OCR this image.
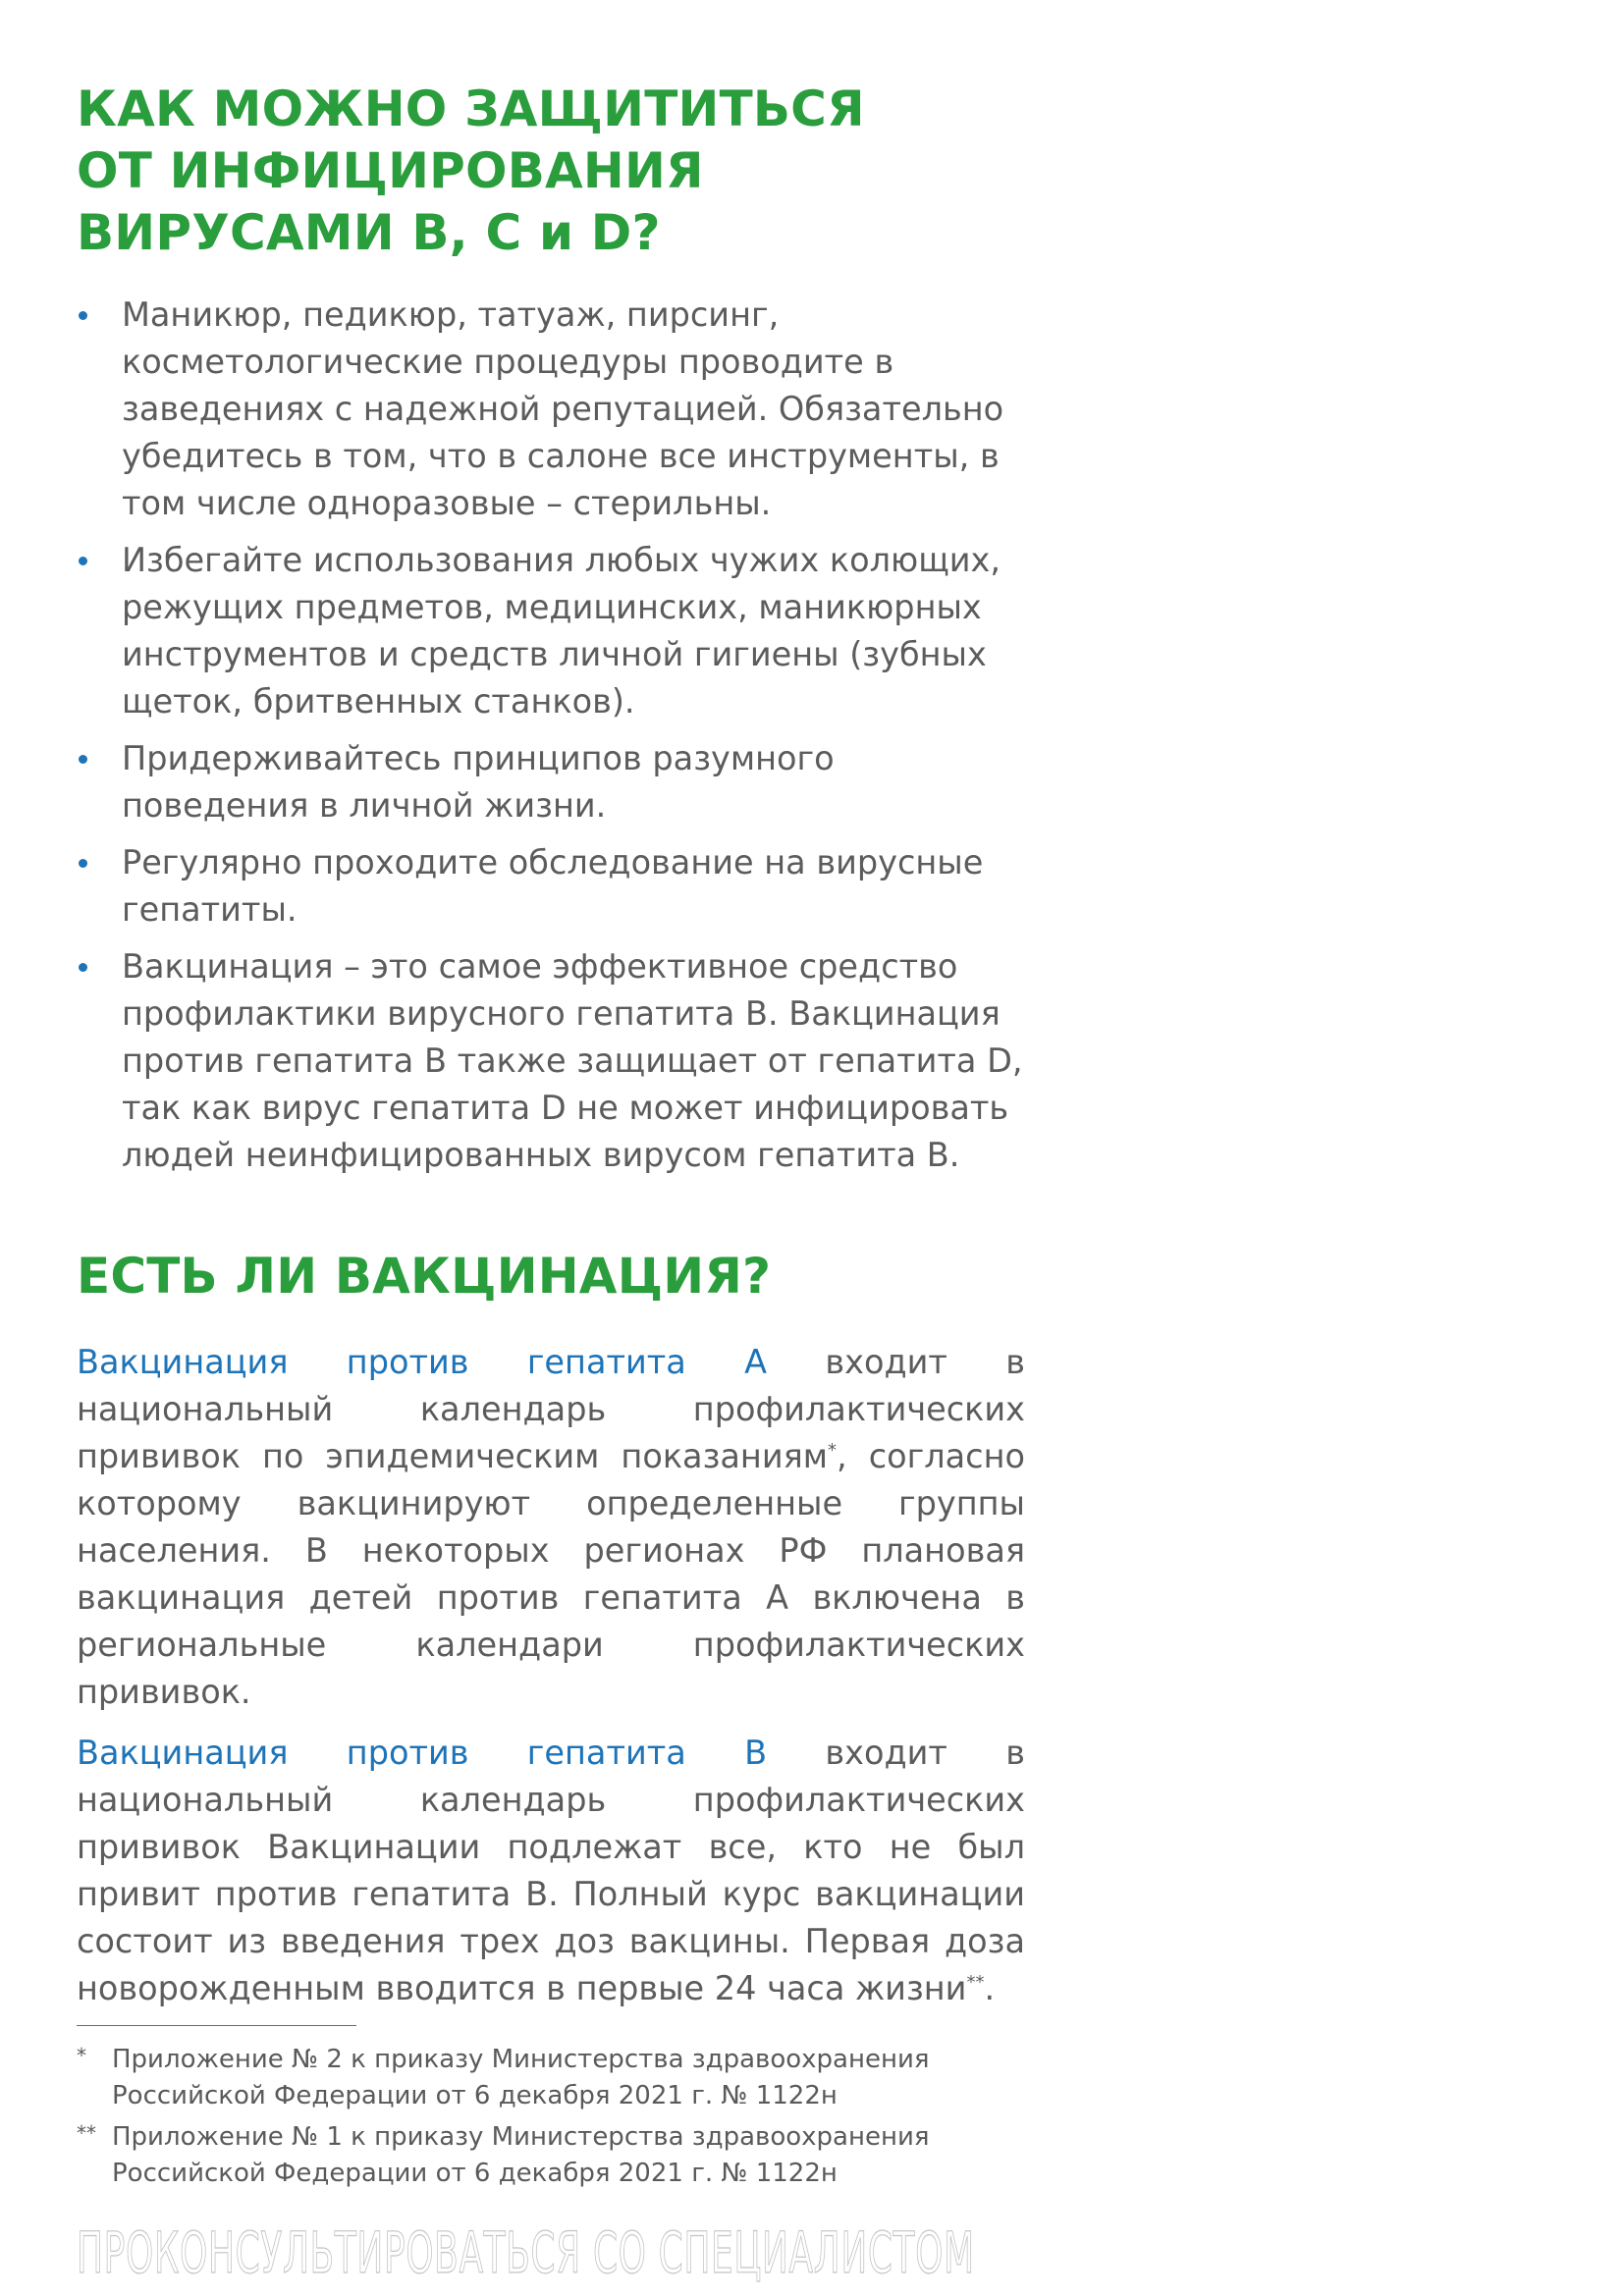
КАК МОЖНО ЗАЩИТИТЬСЯ
ОТ ИНФИЦИРОВАНИЯ
ВИРУСАМИ В, С и D?
Маникюр, педикюр, татуаж, пирсинг, косметологические процедуры проводите в заведениях с надежной репутацией. Обязательно убедитесь в том, что в салоне все инструменты, в том числе одноразовые – стерильны.
Избегайте использования любых чужих колющих, режущих предметов, медицинских, маникюрных инструментов и средств личной гигиены (зубных щеток, бритвенных станков).
Придерживайтесь принципов разумного поведения в личной жизни.
Регулярно проходите обследование на вирусные гепатиты.
Вакцинация – это самое эффективное средство профилактики вирусного гепатита В. Вакцинация против гепатита В также защищает от гепатита D, так как вирус гепатита D не может инфицировать людей неинфицированных вирусом гепатита В.
ЕСТЬ ЛИ ВАКЦИНАЦИЯ?

Вакцинация против гепатита А входит в национальный календарь профилактических прививок по эпидемическим показаниям*, согласно которому вакцинируют определенные группы населения. В некоторых регионах РФ плановая вакцинация детей против гепатита А включена в региональные календари профилактических прививок.

Вакцинация против гепатита В входит в национальный календарь профилактических прививок Вакцинации подлежат все, кто не был привит против гепатита В. Полный курс вакцинации состоит из введения трех доз вакцины. Первая доза новорожденным вводится в первые 24 часа жизни**.

* Приложение № 2 к приказу Министерства здравоохранения Российской Федерации от 6 декабря 2021 г. № 1122н
** Приложение № 1 к приказу Министерства здравоохранения Российской Федерации от 6 декабря 2021 г. № 1122н
ПРОКОНСУЛЬТИРОВАТЬСЯ СО СПЕЦИАЛИСТОМ
